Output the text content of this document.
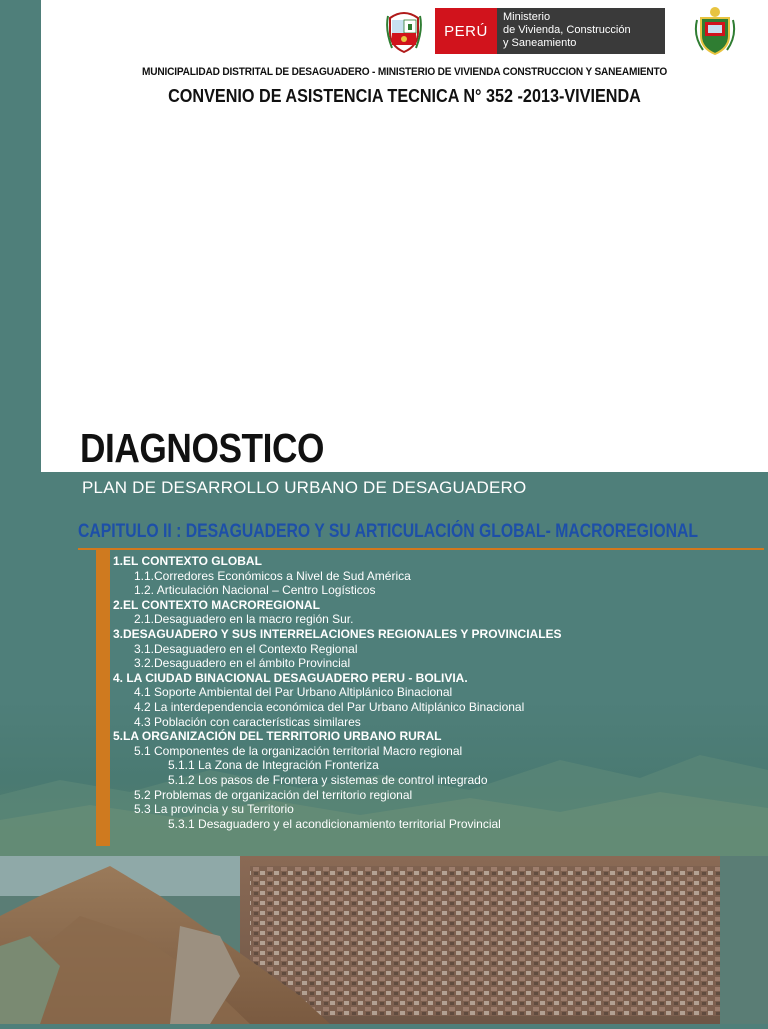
PERÚ
Ministerio
de Vivienda, Construcción
y Saneamiento
MUNICIPALIDAD DISTRITAL DE DESAGUADERO - MINISTERIO DE VIVIENDA CONSTRUCCION Y SANEAMIENTO
CONVENIO DE ASISTENCIA TECNICA N° 352 -2013-VIVIENDA
DIAGNOSTICO
PLAN DE DESARROLLO URBANO DE DESAGUADERO
CAPITULO II : DESAGUADERO Y SU ARTICULACIÓN GLOBAL- MACROREGIONAL
1.EL CONTEXTO GLOBAL
1.1.Corredores Económicos a Nivel de Sud América
1.2. Articulación Nacional – Centro Logísticos
2.EL CONTEXTO MACROREGIONAL
2.1.Desaguadero en la macro región Sur.
3.DESAGUADERO Y SUS INTERRELACIONES REGIONALES Y PROVINCIALES
3.1.Desaguadero en el Contexto Regional
3.2.Desaguadero en el ámbito Provincial
4. LA CIUDAD BINACIONAL DESAGUADERO PERU - BOLIVIA.
4.1 Soporte Ambiental del Par Urbano Altiplánico Binacional
4.2 La interdependencia económica del Par Urbano Altiplánico Binacional
4.3 Población con características similares
5.LA ORGANIZACIÓN DEL TERRITORIO URBANO RURAL
5.1 Componentes de la organización territorial Macro regional
5.1.1 La Zona de Integración Fronteriza
5.1.2 Los pasos de Frontera y sistemas de control integrado
5.2 Problemas de organización del territorio regional
5.3 La provincia y su Territorio
5.3.1 Desaguadero y el acondicionamiento territorial Provincial
